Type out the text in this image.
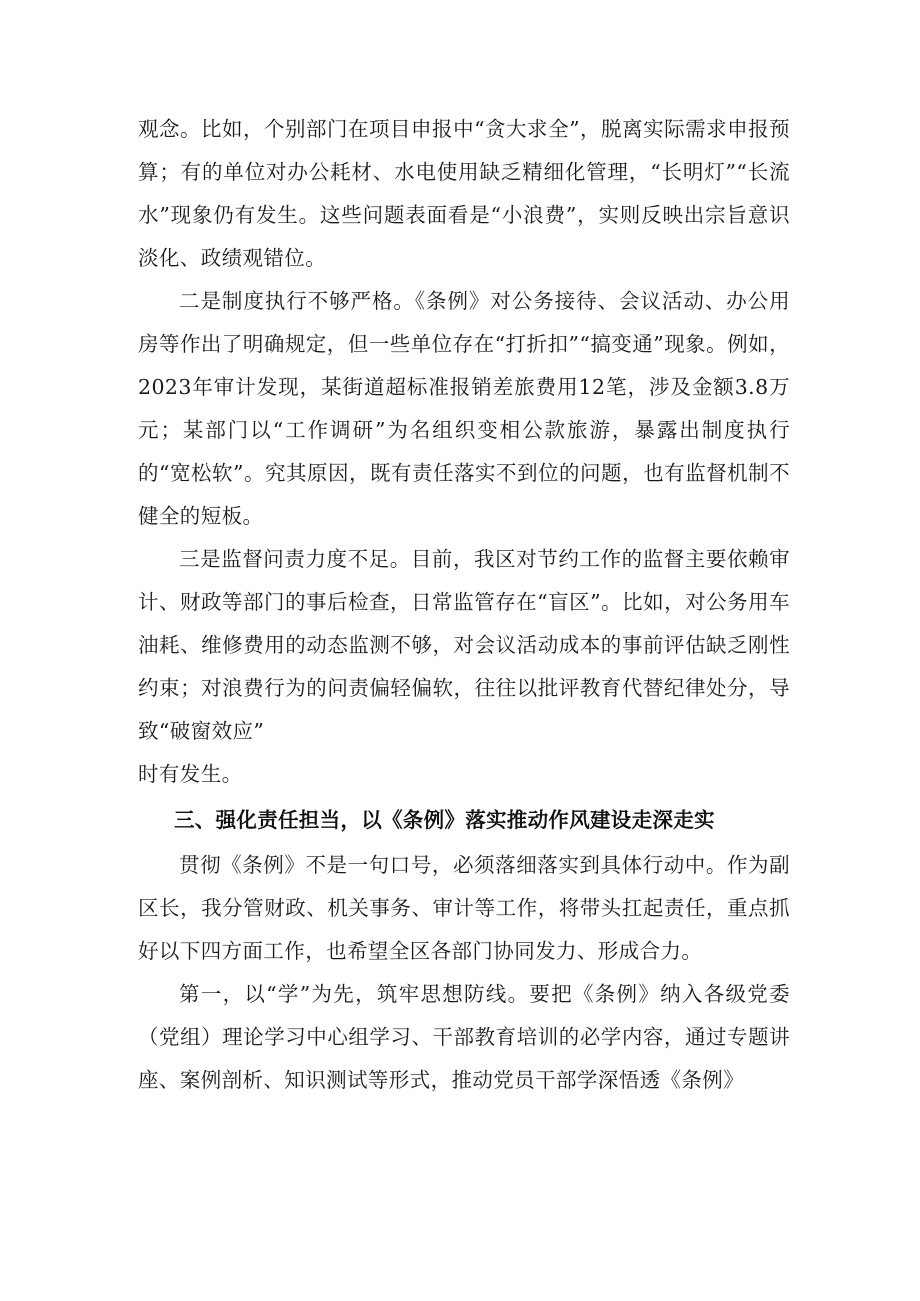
观念。比如，个别部门在项目申报中“贪大求全”，脱离实际需求申报预算；有的单位对办公耗材、水电使用缺乏精细化管理，“长明灯”“长流水”现象仍有发生。这些问题表面看是“小浪费”，实则反映出宗旨意识淡化、政绩观错位。

二是制度执行不够严格。《条例》对公务接待、会议活动、办公用房等作出了明确规定，但一些单位存在“打折扣”“搞变通”现象。例如，2023年审计发现，某街道超标准报销差旅费用12笔，涉及金额3.8万元；某部门以“工作调研”为名组织变相公款旅游，暴露出制度执行的“宽松软”。究其原因，既有责任落实不到位的问题，也有监督机制不健全的短板。

三是监督问责力度不足。目前，我区对节约工作的监督主要依赖审计、财政等部门的事后检查，日常监管存在“盲区”。比如，对公务用车油耗、维修费用的动态监测不够，对会议活动成本的事前评估缺乏刚性约束；对浪费行为的问责偏轻偏软，往往以批评教育代替纪律处分，导致“破窗效应”

时有发生。

三、强化责任担当，以《条例》落实推动作风建设走深走实

贯彻《条例》不是一句口号，必须落细落实到具体行动中。作为副区长，我分管财政、机关事务、审计等工作，将带头扛起责任，重点抓好以下四方面工作，也希望全区各部门协同发力、形成合力。

第一，以“学”为先，筑牢思想防线。要把《条例》纳入各级党委（党组）理论学习中心组学习、干部教育培训的必学内容，通过专题讲座、案例剖析、知识测试等形式，推动党员干部学深悟透《条例》
